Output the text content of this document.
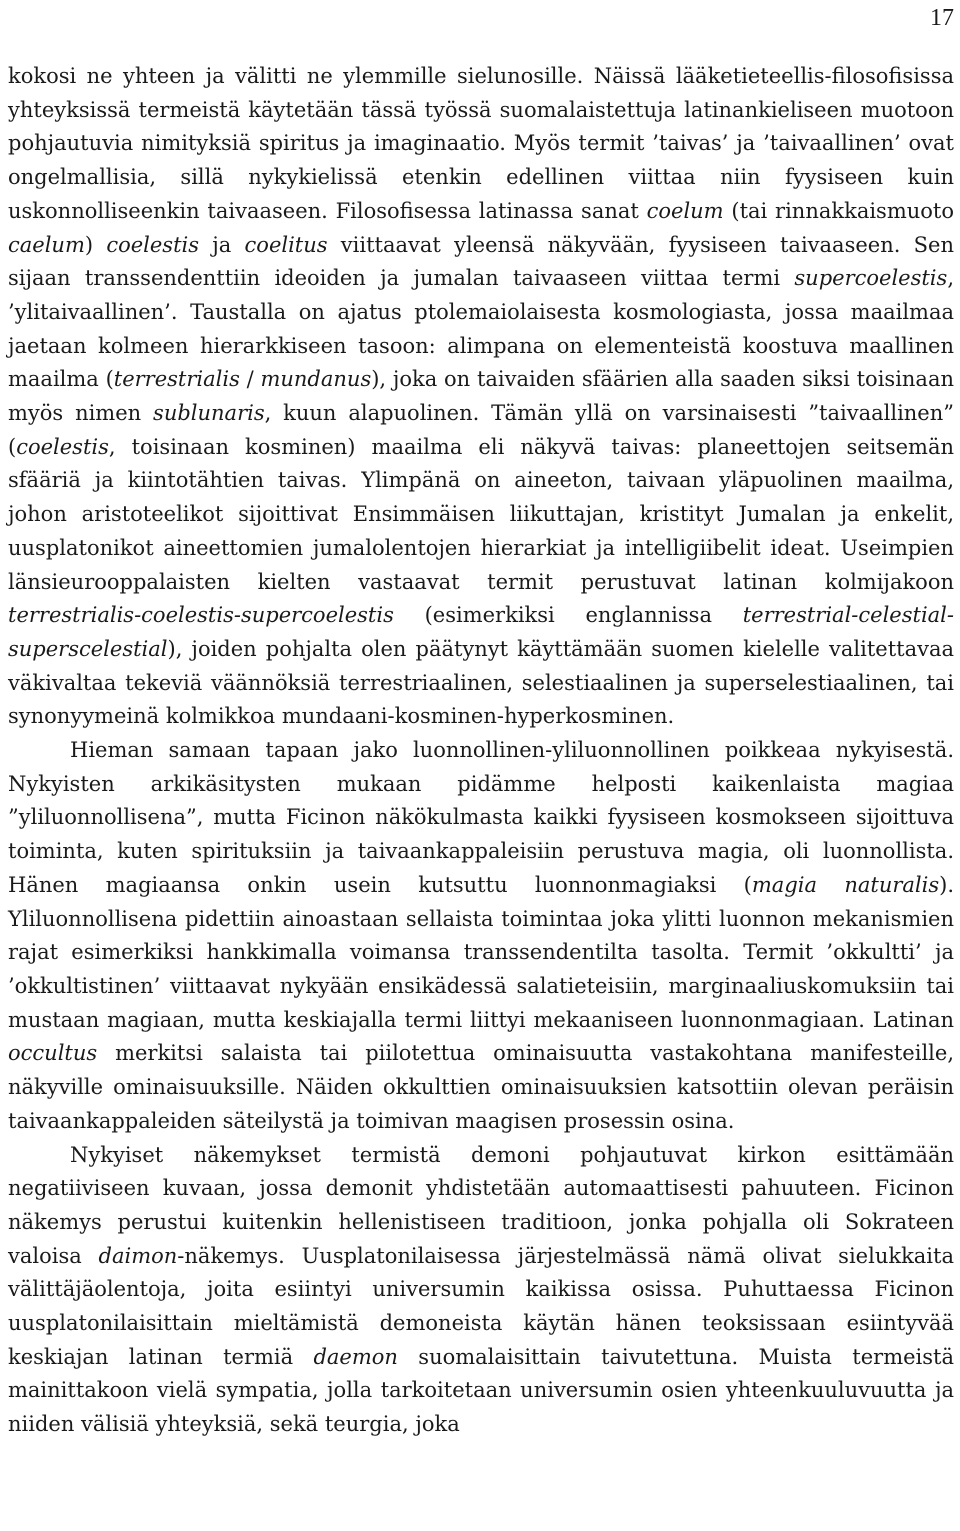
17

kokosi ne yhteen ja välitti ne ylemmille sielunosille. Näissä lääketieteellis-filosofisissa yhteyksissä termeistä käytetään tässä työssä suomalaistettuja latinankieliseen muotoon pohjautuvia nimityksiä spiritus ja imaginaatio. Myös termit ’taivas’ ja ’taivaallinen’ ovat ongelmallisia, sillä nykykielissä etenkin edellinen viittaa niin fyysiseen kuin uskonnolliseenkin taivaaseen. Filosofisessa latinassa sanat coelum (tai rinnakkaismuoto caelum) coelestis ja coelitus viittaavat yleensä näkyvään, fyysiseen taivaaseen. Sen sijaan transsendenttiin ideoiden ja jumalan taivaaseen viittaa termi supercoelestis, ’ylitaivaallinen’. Taustalla on ajatus ptolemaiolaisesta kosmologiasta, jossa maailmaa jaetaan kolmeen hierarkkiseen tasoon: alimpana on elementeistä koostuva maallinen maailma (terrestrialis / mundanus), joka on taivaiden sfäärien alla saaden siksi toisinaan myös nimen sublunaris, kuun alapuolinen. Tämän yllä on varsinaisesti ”taivaallinen” (coelestis, toisinaan kosminen) maailma eli näkyvä taivas: planeettojen seitsemän sfääriä ja kiintotähtien taivas. Ylimpänä on aineeton, taivaan yläpuolinen maailma, johon aristoteelikot sijoittivat Ensimmäisen liikuttajan, kristityt Jumalan ja enkelit, uusplatonikot aineettomien jumalolentojen hierarkiat ja intelligiibelit ideat. Useimpien länsieurooppalaisten kielten vastaavat termit perustuvat latinan kolmijakoon terrestrialis-coelestis-supercoelestis (esimerkiksi englannissa terrestrial-celestial-superscelestial), joiden pohjalta olen päätynyt käyttämään suomen kielelle valitettavaa väkivaltaa tekeviä väännöksiä terrestriaalinen, selestiaalinen ja superselestiaalinen, tai synonyymeinä kolmikkoa mundaani-kosminen-hyperkosminen.

Hieman samaan tapaan jako luonnollinen-yliluonnollinen poikkeaa nykyisestä. Nykyisten arkikäsitysten mukaan pidämme helposti kaikenlaista magiaa ”yliluonnollisena”, mutta Ficinon näkökulmasta kaikki fyysiseen kosmokseen sijoittuva toiminta, kuten spirituksiin ja taivaankappaleisiin perustuva magia, oli luonnollista. Hänen magiaansa onkin usein kutsuttu luonnonmagiaksi (magia naturalis). Yliluonnollisena pidettiin ainoastaan sellaista toimintaa joka ylitti luonnon mekanismien rajat esimerkiksi hankkimalla voimansa transsendentilta tasolta. Termit ’okkultti’ ja ’okkultistinen’ viittaavat nykyään ensikädessä salatieteisiin, marginaaliuskomuksiin tai mustaan magiaan, mutta keskiajalla termi liittyi mekaaniseen luonnonmagiaan. Latinan occultus merkitsi salaista tai piilotettua ominaisuutta vastakohtana manifesteille, näkyville ominaisuuksille. Näiden okkulttien ominaisuuksien katsottiin olevan peräisin taivaankappaleiden säteilystä ja toimivan maagisen prosessin osina.

Nykyiset näkemykset termistä demoni pohjautuvat kirkon esittämään negatiiviseen kuvaan, jossa demonit yhdistetään automaattisesti pahuuteen. Ficinon näkemys perustui kuitenkin hellenistiseen traditioon, jonka pohjalla oli Sokrateen valoisa daimon-näkemys. Uusplatonilaisessa järjestelmässä nämä olivat sielukkaita välittäjäolentoja, joita esiintyi universumin kaikissa osissa. Puhuttaessa Ficinon uusplatonilaisittain mieltämistä demoneista käytän hänen teoksissaan esiintyvää keskiajan latinan termiä daemon suomalaisittain taivutettuna. Muista termeistä mainittakoon vielä sympatia, jolla tarkoitetaan universumin osien yhteenkuuluvuutta ja niiden välisiä yhteyksiä, sekä teurgia, joka
